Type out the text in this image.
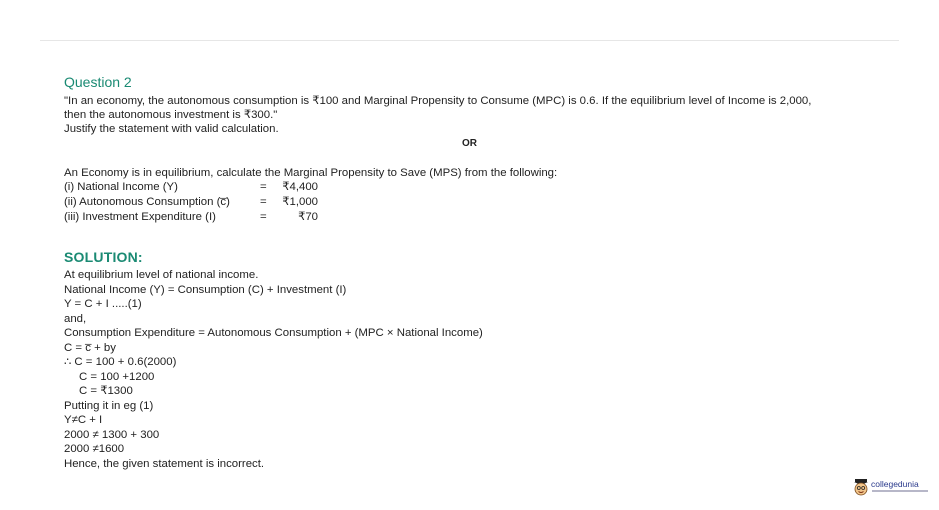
Question 2
"In an economy, the autonomous consumption is ₹100 and Marginal Propensity to Consume (MPC) is 0.6. If the equilibrium level of Income is 2,000,
then the autonomous investment is ₹300."
Justify the statement with valid calculation.
OR
An Economy is in equilibrium, calculate the Marginal Propensity to Save (MPS) from the following:
(i) National Income (Y)	= ₹4,400
(ii) Autonomous Consumption (c̅)	= ₹1,000
(iii) Investment Expenditure (I)	=	₹70
SOLUTION:
At equilibrium level of national income.
National Income (Y) = Consumption (C) + Investment (I)
Y = C + I .....(1)
and,
Consumption Expenditure = Autonomous Consumption + (MPC × National Income)
C = c̅ + by
∴ C = 100 + 0.6(2000)
C = 100 +1200
C = ₹1300
Putting it in eg (1)
Y≠C + I
2000 ≠ 1300 + 300
2000 ≠1600
Hence, the given statement is incorrect.
collegedunia
